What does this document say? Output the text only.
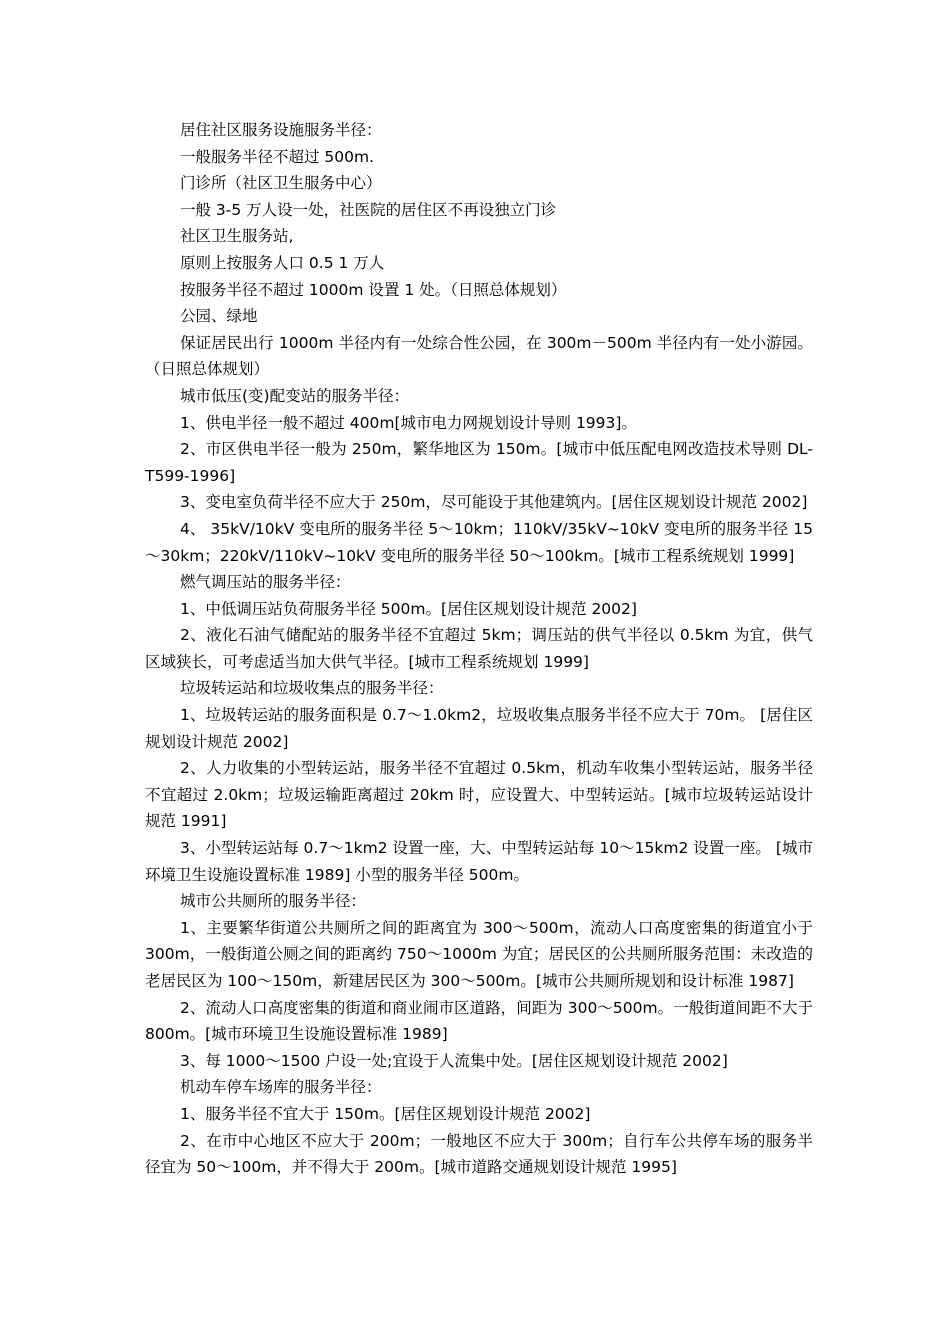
居住社区服务设施服务半径：

一般服务半径不超过 500m.

门诊所（社区卫生服务中心）

一般 3-5 万人设一处，社医院的居住区不再设独立门诊

社区卫生服务站,

原则上按服务人口 0.5 1 万人

按服务半径不超过 1000m 设置 1 处。（日照总体规划）

公园、绿地

保证居民出行 1000m 半径内有一处综合性公园，在 300m－500m 半径内有一处小游园。（日照总体规划）

城市低压(变)配变站的服务半径：

1、供电半径一般不超过 400m[城市电力网规划设计导则 1993]。

2、市区供电半径一般为 250m，繁华地区为 150m。[城市中低压配电网改造技术导则 DL-T599-1996]

3、变电室负荷半径不应大于 250m，尽可能设于其他建筑内。[居住区规划设计规范 2002]

4、 35kV/10kV 变电所的服务半径 5～10km；110kV/35kV~10kV 变电所的服务半径 15～30km；220kV/110kV~10kV 变电所的服务半径 50～100km。[城市工程系统规划 1999]

燃气调压站的服务半径：

1、中低调压站负荷服务半径 500m。[居住区规划设计规范 2002]

2、液化石油气储配站的服务半径不宜超过 5km；调压站的供气半径以 0.5km 为宜，供气区域狭长，可考虑适当加大供气半径。[城市工程系统规划 1999]

垃圾转运站和垃圾收集点的服务半径：

1、垃圾转运站的服务面积是 0.7～1.0km2，垃圾收集点服务半径不应大于 70m。 [居住区规划设计规范 2002]

2、人力收集的小型转运站，服务半径不宜超过 0.5km，机动车收集小型转运站，服务半径不宜超过 2.0km；垃圾运输距离超过 20km 时，应设置大、中型转运站。[城市垃圾转运站设计规范 1991]

3、小型转运站每 0.7～1km2 设置一座，大、中型转运站每 10～15km2 设置一座。 [城市环境卫生设施设置标准 1989] 小型的服务半径 500m。

城市公共厕所的服务半径：

1、主要繁华街道公共厕所之间的距离宜为 300～500m，流动人口高度密集的街道宜小于 300m，一般街道公厕之间的距离约 750～1000m 为宜；居民区的公共厕所服务范围：未改造的老居民区为 100～150m，新建居民区为 300～500m。[城市公共厕所规划和设计标准 1987]

2、流动人口高度密集的街道和商业闹市区道路，间距为 300～500m。一般街道间距不大于 800m。[城市环境卫生设施设置标准 1989]

3、每 1000～1500 户设一处;宜设于人流集中处。[居住区规划设计规范 2002]

机动车停车场库的服务半径：

1、服务半径不宜大于 150m。[居住区规划设计规范 2002]

2、在市中心地区不应大于 200m；一般地区不应大于 300m；自行车公共停车场的服务半径宜为 50～100m，并不得大于 200m。[城市道路交通规划设计规范 1995]
